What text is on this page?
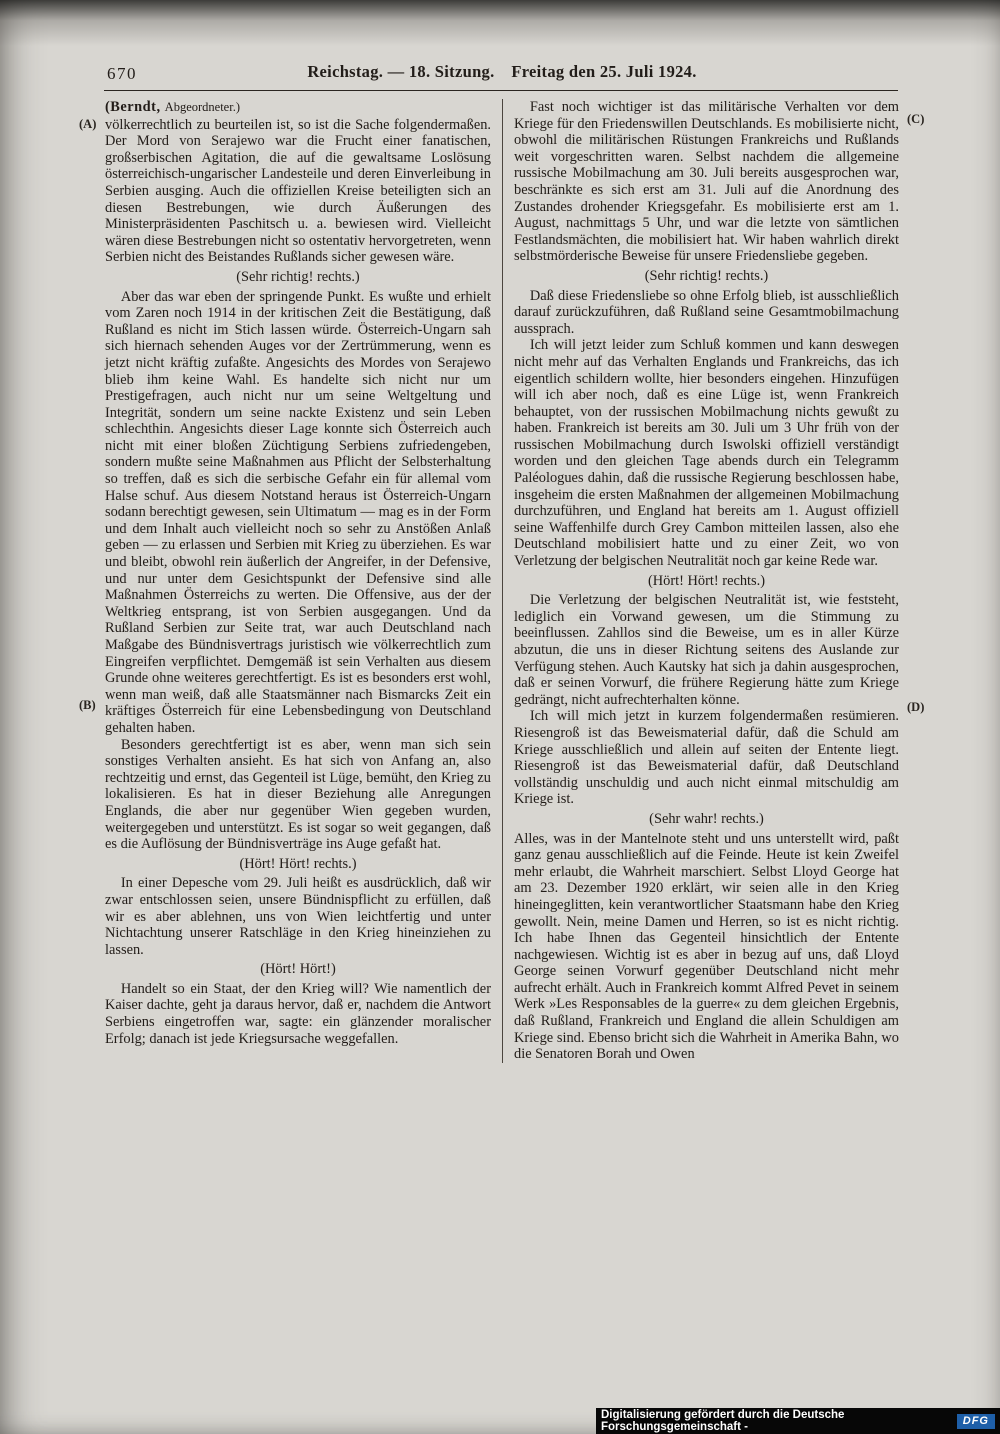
670	Reichstag. — 18. Sitzung. Freitag den 25. Juli 1924.
(A)
(B)
(C)
(D)

(Berndt, Abgeordneter.)

völkerrechtlich zu beurteilen ist, so ist die Sache folgendermaßen. Der Mord von Serajewo war die Frucht einer fanatischen, großserbischen Agitation, die auf die gewaltsame Loslösung österreichisch-ungarischer Landesteile und deren Einverleibung in Serbien ausging. Auch die offiziellen Kreise beteiligten sich an diesen Bestrebungen, wie durch Äußerungen des Ministerpräsidenten Paschitsch u. a. bewiesen wird. Vielleicht wären diese Bestrebungen nicht so ostentativ hervorgetreten, wenn Serbien nicht des Beistandes Rußlands sicher gewesen wäre.

(Sehr richtig! rechts.)

Aber das war eben der springende Punkt. Es wußte und erhielt vom Zaren noch 1914 in der kritischen Zeit die Bestätigung, daß Rußland es nicht im Stich lassen würde. Österreich-Ungarn sah sich hiernach sehenden Auges vor der Zertrümmerung, wenn es jetzt nicht kräftig zufaßte. Angesichts des Mordes von Serajewo blieb ihm keine Wahl. Es handelte sich nicht nur um Prestigefragen, auch nicht nur um seine Weltgeltung und Integrität, sondern um seine nackte Existenz und sein Leben schlechthin. Angesichts dieser Lage konnte sich Österreich auch nicht mit einer bloßen Züchtigung Serbiens zufriedengeben, sondern mußte seine Maßnahmen aus Pflicht der Selbsterhaltung so treffen, daß es sich die serbische Gefahr ein für allemal vom Halse schuf. Aus diesem Notstand heraus ist Österreich-Ungarn sodann berechtigt gewesen, sein Ultimatum — mag es in der Form und dem Inhalt auch vielleicht noch so sehr zu Anstößen Anlaß geben — zu erlassen und Serbien mit Krieg zu überziehen. Es war und bleibt, obwohl rein äußerlich der Angreifer, in der Defensive, und nur unter dem Gesichtspunkt der Defensive sind alle Maßnahmen Österreichs zu werten. Die Offensive, aus der der Weltkrieg entsprang, ist von Serbien ausgegangen. Und da Rußland Serbien zur Seite trat, war auch Deutschland nach Maßgabe des Bündnisvertrags juristisch wie völkerrechtlich zum Eingreifen verpflichtet. Demgemäß ist sein Verhalten aus diesem Grunde ohne weiteres gerechtfertigt. Es ist es besonders erst wohl, wenn man weiß, daß alle Staatsmänner nach Bismarcks Zeit ein kräftiges Österreich für eine Lebensbedingung von Deutschland gehalten haben.

Besonders gerechtfertigt ist es aber, wenn man sich sein sonstiges Verhalten ansieht. Es hat sich von Anfang an, also rechtzeitig und ernst, das Gegenteil ist Lüge, bemüht, den Krieg zu lokalisieren. Es hat in dieser Beziehung alle Anregungen Englands, die aber nur gegenüber Wien gegeben wurden, weitergegeben und unterstützt. Es ist sogar so weit gegangen, daß es die Auflösung der Bündnisverträge ins Auge gefaßt hat.

(Hört! Hört! rechts.)

In einer Depesche vom 29. Juli heißt es ausdrücklich, daß wir zwar entschlossen seien, unsere Bündnispflicht zu erfüllen, daß wir es aber ablehnen, uns von Wien leichtfertig und unter Nichtachtung unserer Ratschläge in den Krieg hineinziehen zu lassen.

(Hört! Hört!)

Handelt so ein Staat, der den Krieg will? Wie namentlich der Kaiser dachte, geht ja daraus hervor, daß er, nachdem die Antwort Serbiens eingetroffen war, sagte: ein glänzender moralischer Erfolg; danach ist jede Kriegsursache weggefallen.

Fast noch wichtiger ist das militärische Verhalten vor dem Kriege für den Friedenswillen Deutschlands. Es mobilisierte nicht, obwohl die militärischen Rüstungen Frankreichs und Rußlands weit vorgeschritten waren. Selbst nachdem die allgemeine russische Mobilmachung am 30. Juli bereits ausgesprochen war, beschränkte es sich erst am 31. Juli auf die Anordnung des Zustandes drohender Kriegsgefahr. Es mobilisierte erst am 1. August, nachmittags 5 Uhr, und war die letzte von sämtlichen Festlandsmächten, die mobilisiert hat. Wir haben wahrlich direkt selbstmörderische Beweise für unsere Friedensliebe gegeben.

(Sehr richtig! rechts.)

Daß diese Friedensliebe so ohne Erfolg blieb, ist ausschließlich darauf zurückzuführen, daß Rußland seine Gesamtmobilmachung aussprach.

Ich will jetzt leider zum Schluß kommen und kann deswegen nicht mehr auf das Verhalten Englands und Frankreichs, das ich eigentlich schildern wollte, hier besonders eingehen. Hinzufügen will ich aber noch, daß es eine Lüge ist, wenn Frankreich behauptet, von der russischen Mobilmachung nichts gewußt zu haben. Frankreich ist bereits am 30. Juli um 3 Uhr früh von der russischen Mobilmachung durch Iswolski offiziell verständigt worden und den gleichen Tage abends durch ein Telegramm Paléologues dahin, daß die russische Regierung beschlossen habe, insgeheim die ersten Maßnahmen der allgemeinen Mobilmachung durchzuführen, und England hat bereits am 1. August offiziell seine Waffenhilfe durch Grey Cambon mitteilen lassen, also ehe Deutschland mobilisiert hatte und zu einer Zeit, wo von Verletzung der belgischen Neutralität noch gar keine Rede war.

(Hört! Hört! rechts.)

Die Verletzung der belgischen Neutralität ist, wie feststeht, lediglich ein Vorwand gewesen, um die Stimmung zu beeinflussen. Zahllos sind die Beweise, um es in aller Kürze abzutun, die uns in dieser Richtung seitens des Auslande zur Verfügung stehen. Auch Kautsky hat sich ja dahin ausgesprochen, daß er seinen Vorwurf, die frühere Regierung hätte zum Kriege gedrängt, nicht aufrechterhalten könne.

Ich will mich jetzt in kurzem folgendermaßen resümieren. Riesengroß ist das Beweismaterial dafür, daß die Schuld am Kriege ausschließlich und allein auf seiten der Entente liegt. Riesengroß ist das Beweismaterial dafür, daß Deutschland vollständig unschuldig und auch nicht einmal mitschuldig am Kriege ist.

(Sehr wahr! rechts.)

Alles, was in der Mantelnote steht und uns unterstellt wird, paßt ganz genau ausschließlich auf die Feinde. Heute ist kein Zweifel mehr erlaubt, die Wahrheit marschiert. Selbst Lloyd George hat am 23. Dezember 1920 erklärt, wir seien alle in den Krieg hineingeglitten, kein verantwortlicher Staatsmann habe den Krieg gewollt. Nein, meine Damen und Herren, so ist es nicht richtig. Ich habe Ihnen das Gegenteil hinsichtlich der Entente nachgewiesen. Wichtig ist es aber in bezug auf uns, daß Lloyd George seinen Vorwurf gegenüber Deutschland nicht mehr aufrecht erhält. Auch in Frankreich kommt Alfred Pevet in seinem Werk »Les Responsables de la guerre« zu dem gleichen Ergebnis, daß Rußland, Frankreich und England die allein Schuldigen am Kriege sind. Ebenso bricht sich die Wahrheit in Amerika Bahn, wo die Senatoren Borah und Owen

Digitalisierung gefördert durch die Deutsche Forschungsgemeinschaft -
DFG
